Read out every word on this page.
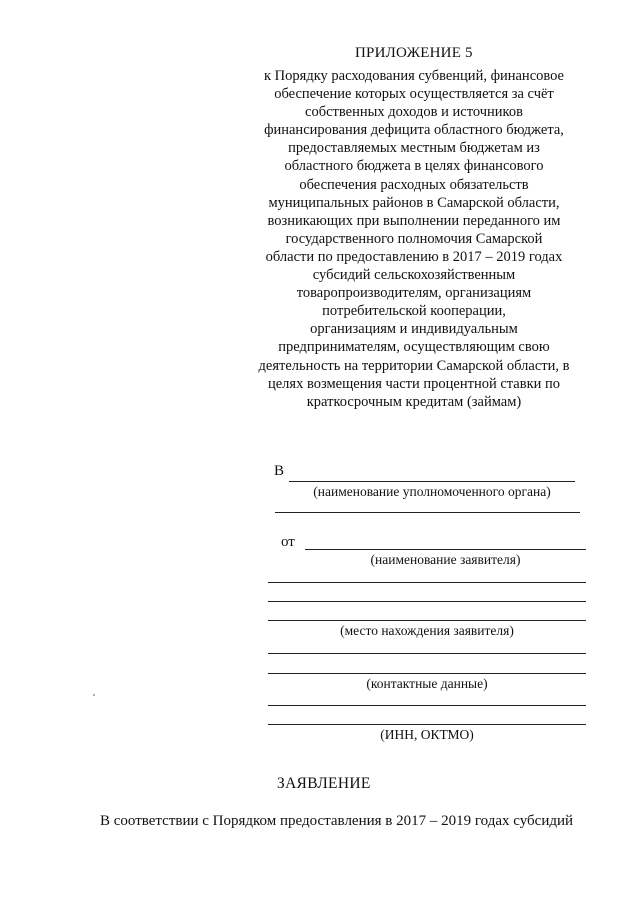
ПРИЛОЖЕНИЕ 5
к Порядку расходования субвенций, финансовое
обеспечение которых осуществляется за счёт
собственных доходов и источников
финансирования дефицита областного бюджета,
предоставляемых местным бюджетам из
областного бюджета в целях финансового
обеспечения расходных обязательств
муниципальных районов в Самарской области,
возникающих при выполнении переданного им
государственного полномочия Самарской
области по предоставлению в 2017 – 2019 годах
субсидий сельскохозяйственным
товаропроизводителям, организациям
потребительской кооперации,
организациям и индивидуальным
предпринимателям, осуществляющим свою
деятельность на территории Самарской области, в
целях возмещения части процентной ставки по
краткосрочным кредитам (займам)
В
(наименование уполномоченного органа)
от
(наименование заявителя)
(место нахождения заявителя)
(контактные данные)
(ИНН, ОКТМО)
ЗАЯВЛЕНИЕ
В соответствии с Порядком предоставления в 2017 – 2019 годах субсидий
